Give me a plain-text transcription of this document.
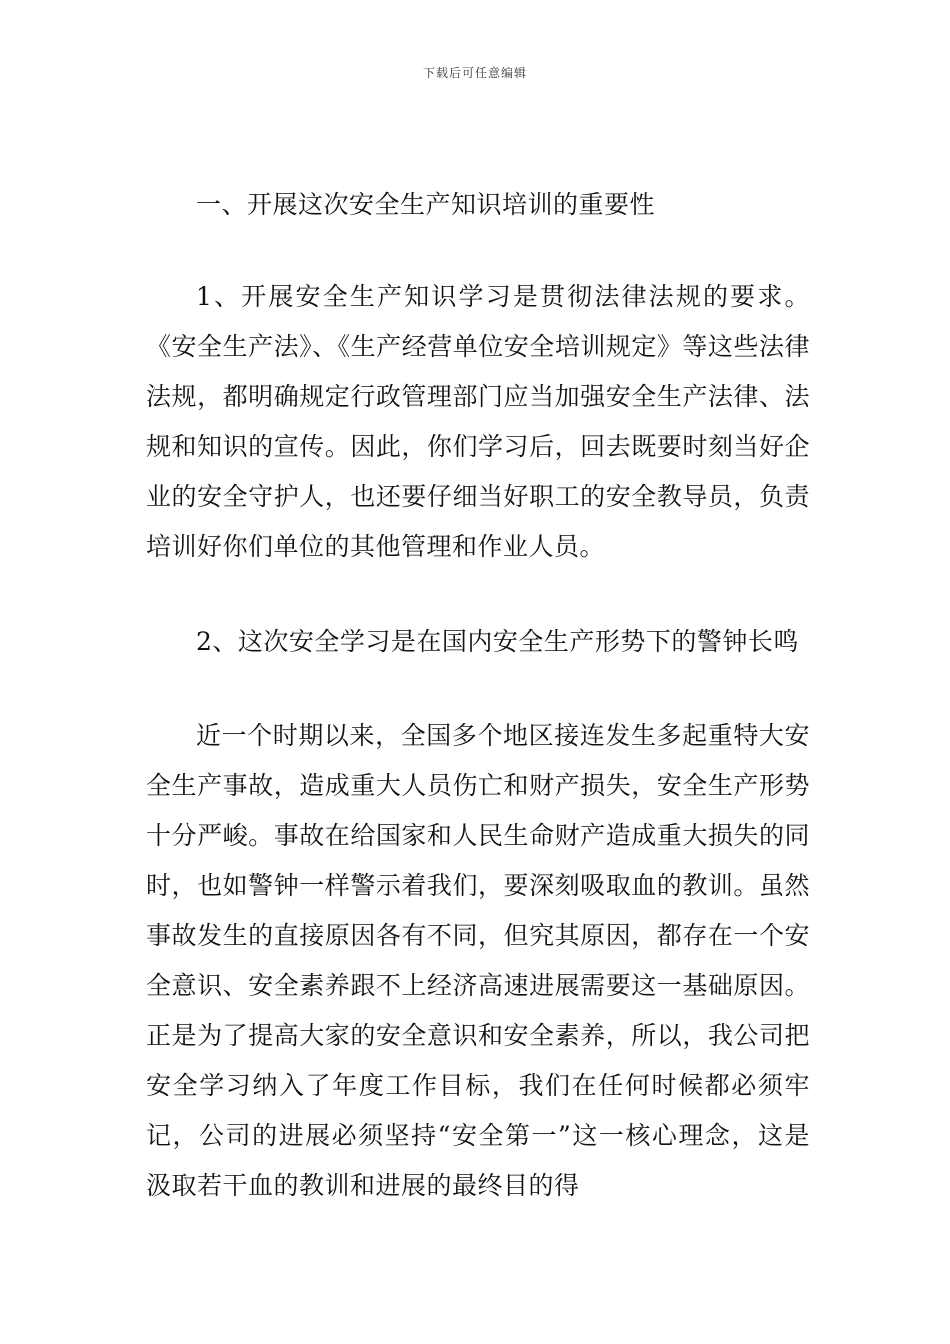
下载后可任意编辑

一、开展这次安全生产知识培训的重要性

1、开展安全生产知识学习是贯彻法律法规的要求。《安全生产法》、《生产经营单位安全培训规定》等这些法律法规，都明确规定行政管理部门应当加强安全生产法律、法规和知识的宣传。因此，你们学习后，回去既要时刻当好企业的安全守护人，也还要仔细当好职工的安全教导员，负责培训好你们单位的其他管理和作业人员。

2、这次安全学习是在国内安全生产形势下的警钟长鸣

近一个时期以来，全国多个地区接连发生多起重特大安全生产事故，造成重大人员伤亡和财产损失，安全生产形势十分严峻。事故在给国家和人民生命财产造成重大损失的同时，也如警钟一样警示着我们，要深刻吸取血的教训。虽然事故发生的直接原因各有不同，但究其原因，都存在一个安全意识、安全素养跟不上经济高速进展需要这一基础原因。正是为了提高大家的安全意识和安全素养，所以，我公司把安全学习纳入了年度工作目标，我们在任何时候都必须牢记，公司的进展必须坚持“安全第一”这一核心理念，这是汲取若干血的教训和进展的最终目的得
